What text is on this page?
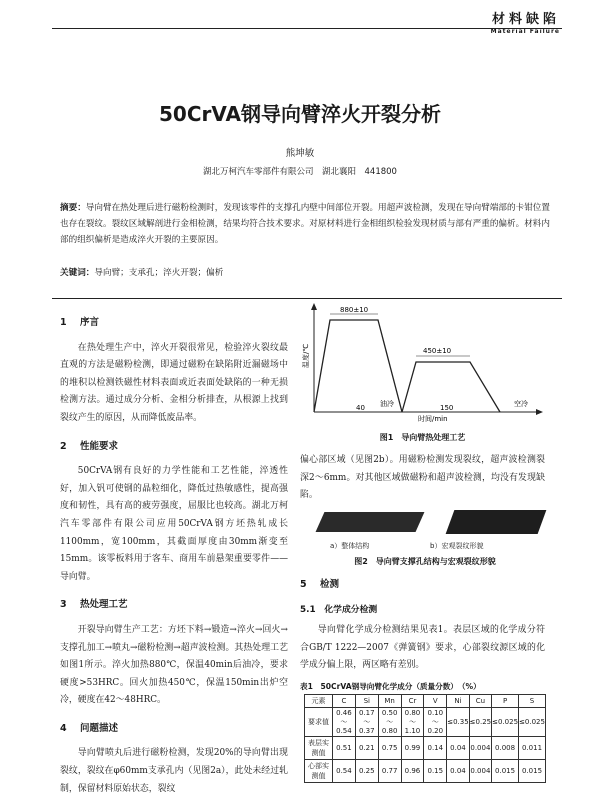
材料缺陷
Material Failure
50CrVA钢导向臂淬火开裂分析
熊坤敏
湖北万柯汽车零部件有限公司　湖北襄阳　441800
摘要：导向臂在热处理后进行磁粉检测时，发现该零件的支撑孔内壁中间部位开裂。用超声波检测，发现在导向臂端部的卡钳位置也存在裂纹。裂纹区域解剖进行金相检测，结果均符合技术要求。对原材料进行金相组织检验发现材质与部有严重的偏析。材料内部的组织偏析是造成淬火开裂的主要原因。
关键词：导向臂；支承孔；淬火开裂；偏析
1 序言

在热处理生产中，淬火开裂很常见，检验淬火裂纹最直观的方法是磁粉检测，即通过磁粉在缺陷附近漏磁场中的堆积以检测铁磁性材料表面或近表面处缺陷的一种无损检测方法。通过成分分析、金相分析排查，从根源上找到裂纹产生的原因，从而降低废品率。

2 性能要求

50CrVA钢有良好的力学性能和工艺性能，淬透性好，加入钒可使钢的晶粒细化，降低过热敏感性，提高强度和韧性，具有高的疲劳强度，屈服比也较高。湖北万柯汽车零部件有限公司应用50CrVA钢方坯热轧成长1100mm，宽100mm，其截面厚度由30mm渐变至15mm。该零板料用于客车、商用车前悬架重要零件——导向臂。

3 热处理工艺

开裂导向臂生产工艺：方坯下料→锻造→淬火→回火→支撑孔加工→喷丸→磁粉检测→超声波检测。其热处理工艺如图1所示。淬火加热880℃，保温40min后油冷，要求硬度>53HRC。回火加热450℃，保温150min出炉空冷，硬度在42～48HRC。

4 问题描述

导向臂喷丸后进行磁粉检测，发现20%的导向臂出现裂纹，裂纹在φ60mm支承孔内（见图2a），此处未经过轧制，保留材料原始状态，裂纹

880±10
450±10
40	150
油冷	空冷
时间/min
温度/℃
图1　导向臂热处理工艺

偏心部区域（见图2b）。用磁粉检测发现裂纹，超声波检测裂深2～6mm。对其他区域做磁粉和超声波检测，均没有发现缺陷。

a）整体结构	b）宏观裂纹形貌
图2　导向臂支撑孔结构与宏观裂纹形貌
5 检测
5.1　化学成分检测

导向臂化学成分检测结果见表1。表层区域的化学成分符合GB/T 1222—2007《弹簧钢》要求，心部裂纹源区域的化学成分偏上限，两区略有差别。

表1　50CrVA钢导向臂化学成分（质量分数）　（%）
元素	C	Si	Mn	Cr	V	Ni	Cu	P	S
要求值	0.46～0.54	0.17～0.37	0.50～0.80	0.80～1.10	0.10～0.20	≤0.35	≤0.25	≤0.025	≤0.025
表层实测值	0.51	0.21	0.75	0.99	0.14	0.04	0.004	0.008	0.011
心部实测值	0.54	0.25	0.77	0.96	0.15	0.04	0.004	0.015	0.015
